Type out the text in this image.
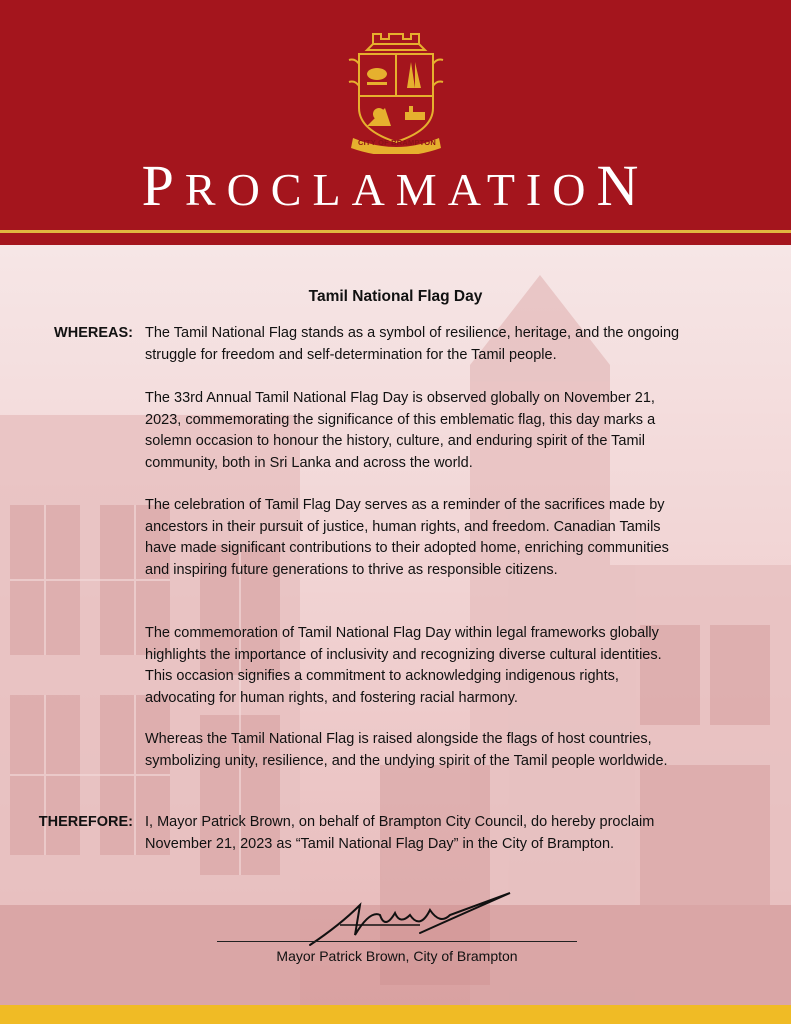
CITY OF BRAMPTON
PROCLAMATION
Tamil National Flag Day
WHEREAS: The Tamil National Flag stands as a symbol of resilience, heritage, and the ongoing struggle for freedom and self-determination for the Tamil people.

The 33rd Annual Tamil National Flag Day is observed globally on November 21, 2023, commemorating the significance of this emblematic flag, this day marks a solemn occasion to honour the history, culture, and enduring spirit of the Tamil community, both in Sri Lanka and across the world.

The celebration of Tamil Flag Day serves as a reminder of the sacrifices made by ancestors in their pursuit of justice, human rights, and freedom. Canadian Tamils have made significant contributions to their adopted home, enriching communities and inspiring future generations to thrive as responsible citizens.

The commemoration of Tamil National Flag Day within legal frameworks globally highlights the importance of inclusivity and recognizing diverse cultural identities. This occasion signifies a commitment to acknowledging indigenous rights, advocating for human rights, and fostering racial harmony.

Whereas the Tamil National Flag is raised alongside the flags of host countries, symbolizing unity, resilience, and the undying spirit of the Tamil people worldwide.

THEREFORE: I, Mayor Patrick Brown, on behalf of Brampton City Council, do hereby proclaim November 21, 2023 as “Tamil National Flag Day” in the City of Brampton.

Mayor Patrick Brown, City of Brampton
